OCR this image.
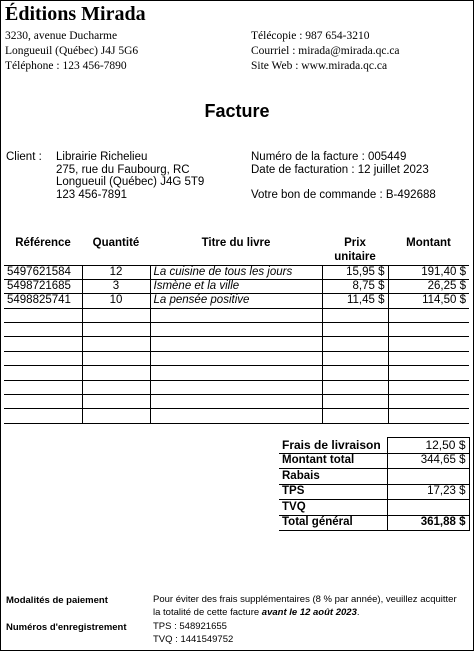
Éditions Mirada
3230, avenue Ducharme
Longueuil (Québec) J4J 5G6
Téléphone : 123 456-7890
Télécopie : 987 654-3210
Courriel : mirada@mirada.qc.ca
Site Web : www.mirada.qc.ca
Facture
Client : Librairie Richelieu
275, rue du Faubourg, RC
Longueuil (Québec) J4G 5T9
123 456-7891
Numéro de la facture : 005449
Date de facturation : 12 juillet 2023
Votre bon de commande : B-492688
Référence	Quantité	Titre du livre	Prix unitaire	Montant
5497621584	12	La cuisine de tous les jours	15,95 $	191,40 $
5498721685	3	Ismène et la ville	8,75 $	26,25 $
5498825741	10	La pensée positive	11,45 $	114,50 $

Frais de livraison	12,50 $
Montant total	344,65 $
Rabais	
TPS	17,23 $
TVQ	
Total général	361,88 $
Modalités de paiement	Pour éviter des frais supplémentaires (8 % par année), veuillez acquitter
la totalité de cette facture avant le 12 août 2023.
Numéros d'enregistrement	TPS : 548921655
TVQ : 1441549752
